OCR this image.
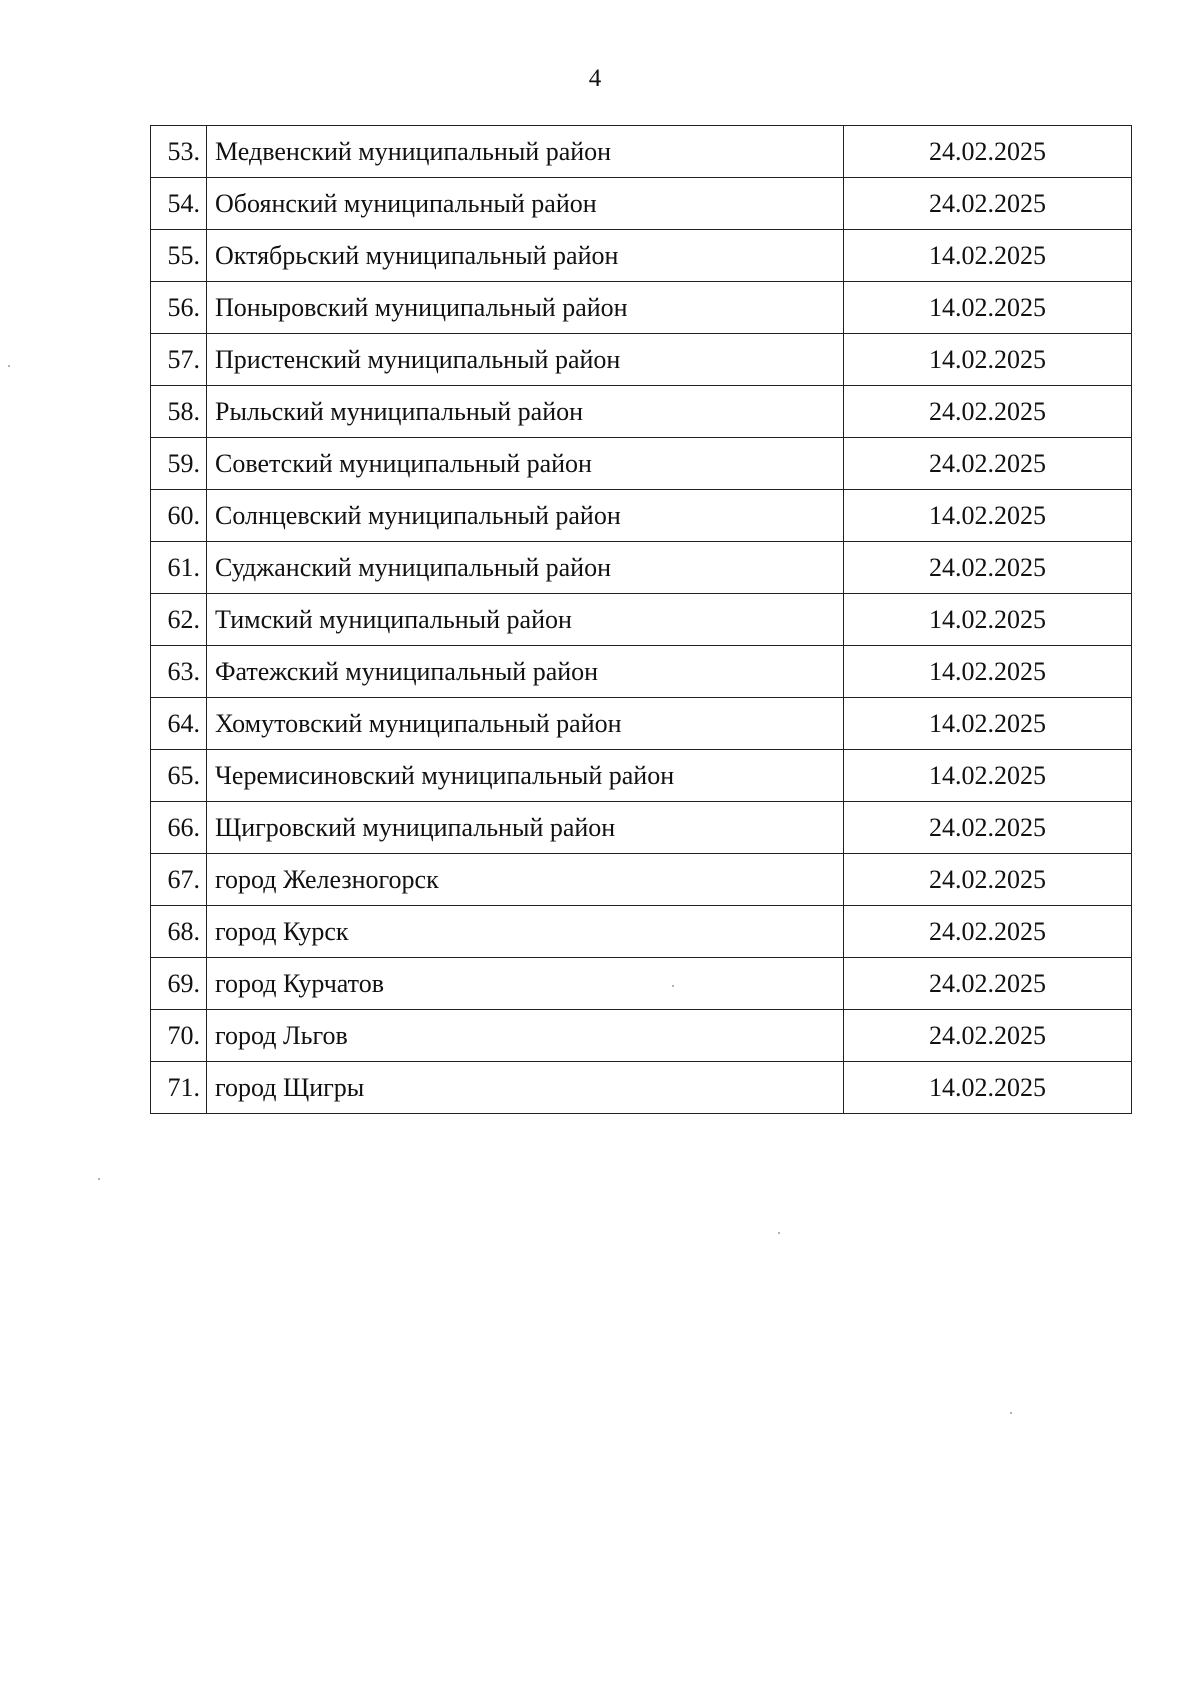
4
53.	Медвенский муниципальный район	24.02.2025
54.	Обоянский муниципальный район	24.02.2025
55.	Октябрьский муниципальный район	14.02.2025
56.	Поныровский муниципальный район	14.02.2025
57.	Пристенский муниципальный район	14.02.2025
58.	Рыльский муниципальный район	24.02.2025
59.	Советский муниципальный район	24.02.2025
60.	Солнцевский муниципальный район	14.02.2025
61.	Суджанский муниципальный район	24.02.2025
62.	Тимский муниципальный район	14.02.2025
63.	Фатежский муниципальный район	14.02.2025
64.	Хомутовский муниципальный район	14.02.2025
65.	Черемисиновский муниципальный район	14.02.2025
66.	Щигровский муниципальный район	24.02.2025
67.	город Железногорск	24.02.2025
68.	город Курск	24.02.2025
69.	город Курчатов	24.02.2025
70.	город Льгов	24.02.2025
71.	город Щигры	14.02.2025
